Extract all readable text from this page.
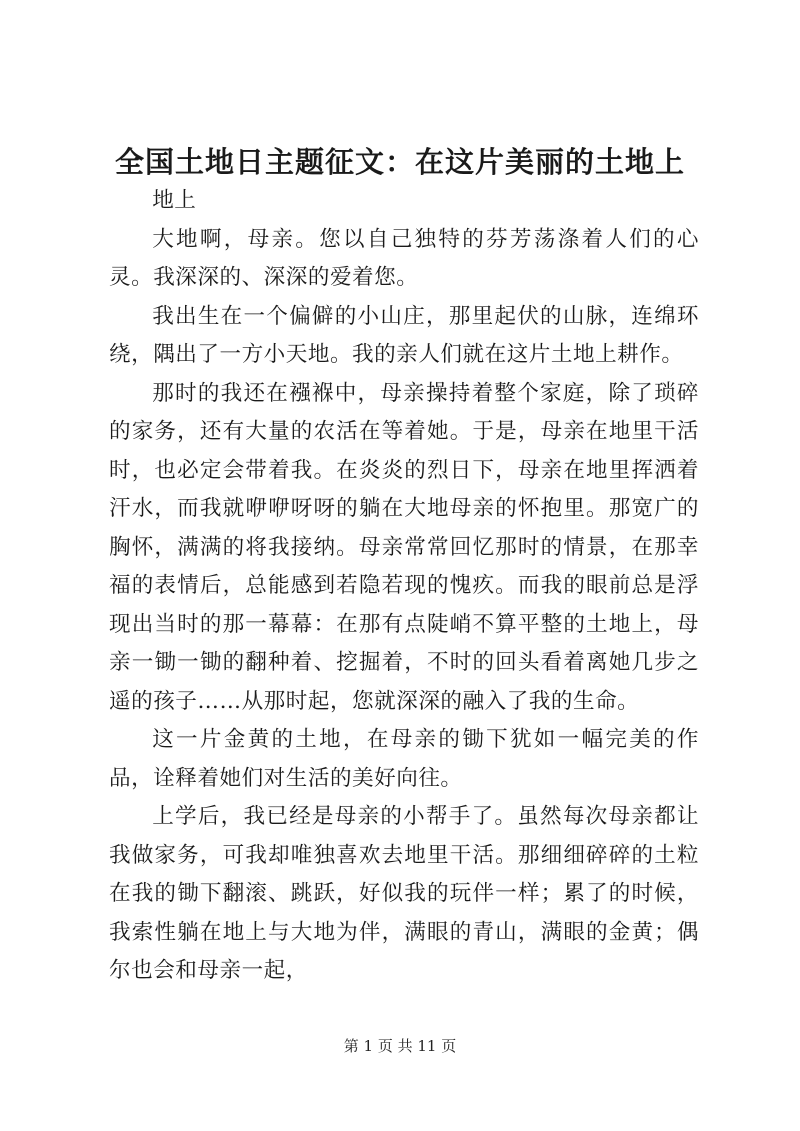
全国土地日主题征文：在这片美丽的土地上

地上

大地啊，母亲。您以自己独特的芬芳荡涤着人们的心灵。我深深的、深深的爱着您。

我出生在一个偏僻的小山庄，那里起伏的山脉，连绵环绕，隅出了一方小天地。我的亲人们就在这片土地上耕作。

那时的我还在襁褓中，母亲操持着整个家庭，除了琐碎的家务，还有大量的农活在等着她。于是，母亲在地里干活时，也必定会带着我。在炎炎的烈日下，母亲在地里挥洒着汗水，而我就咿咿呀呀的躺在大地母亲的怀抱里。那宽广的胸怀，满满的将我接纳。母亲常常回忆那时的情景，在那幸福的表情后，总能感到若隐若现的愧疚。而我的眼前总是浮现出当时的那一幕幕：在那有点陡峭不算平整的土地上，母亲一锄一锄的翻种着、挖掘着，不时的回头看着离她几步之遥的孩子……从那时起，您就深深的融入了我的生命。

这一片金黄的土地，在母亲的锄下犹如一幅完美的作品，诠释着她们对生活的美好向往。

上学后，我已经是母亲的小帮手了。虽然每次母亲都让我做家务，可我却唯独喜欢去地里干活。那细细碎碎的土粒在我的锄下翻滚、跳跃，好似我的玩伴一样；累了的时候，我索性躺在地上与大地为伴，满眼的青山，满眼的金黄；偶尔也会和母亲一起，

第 1 页 共 11 页
